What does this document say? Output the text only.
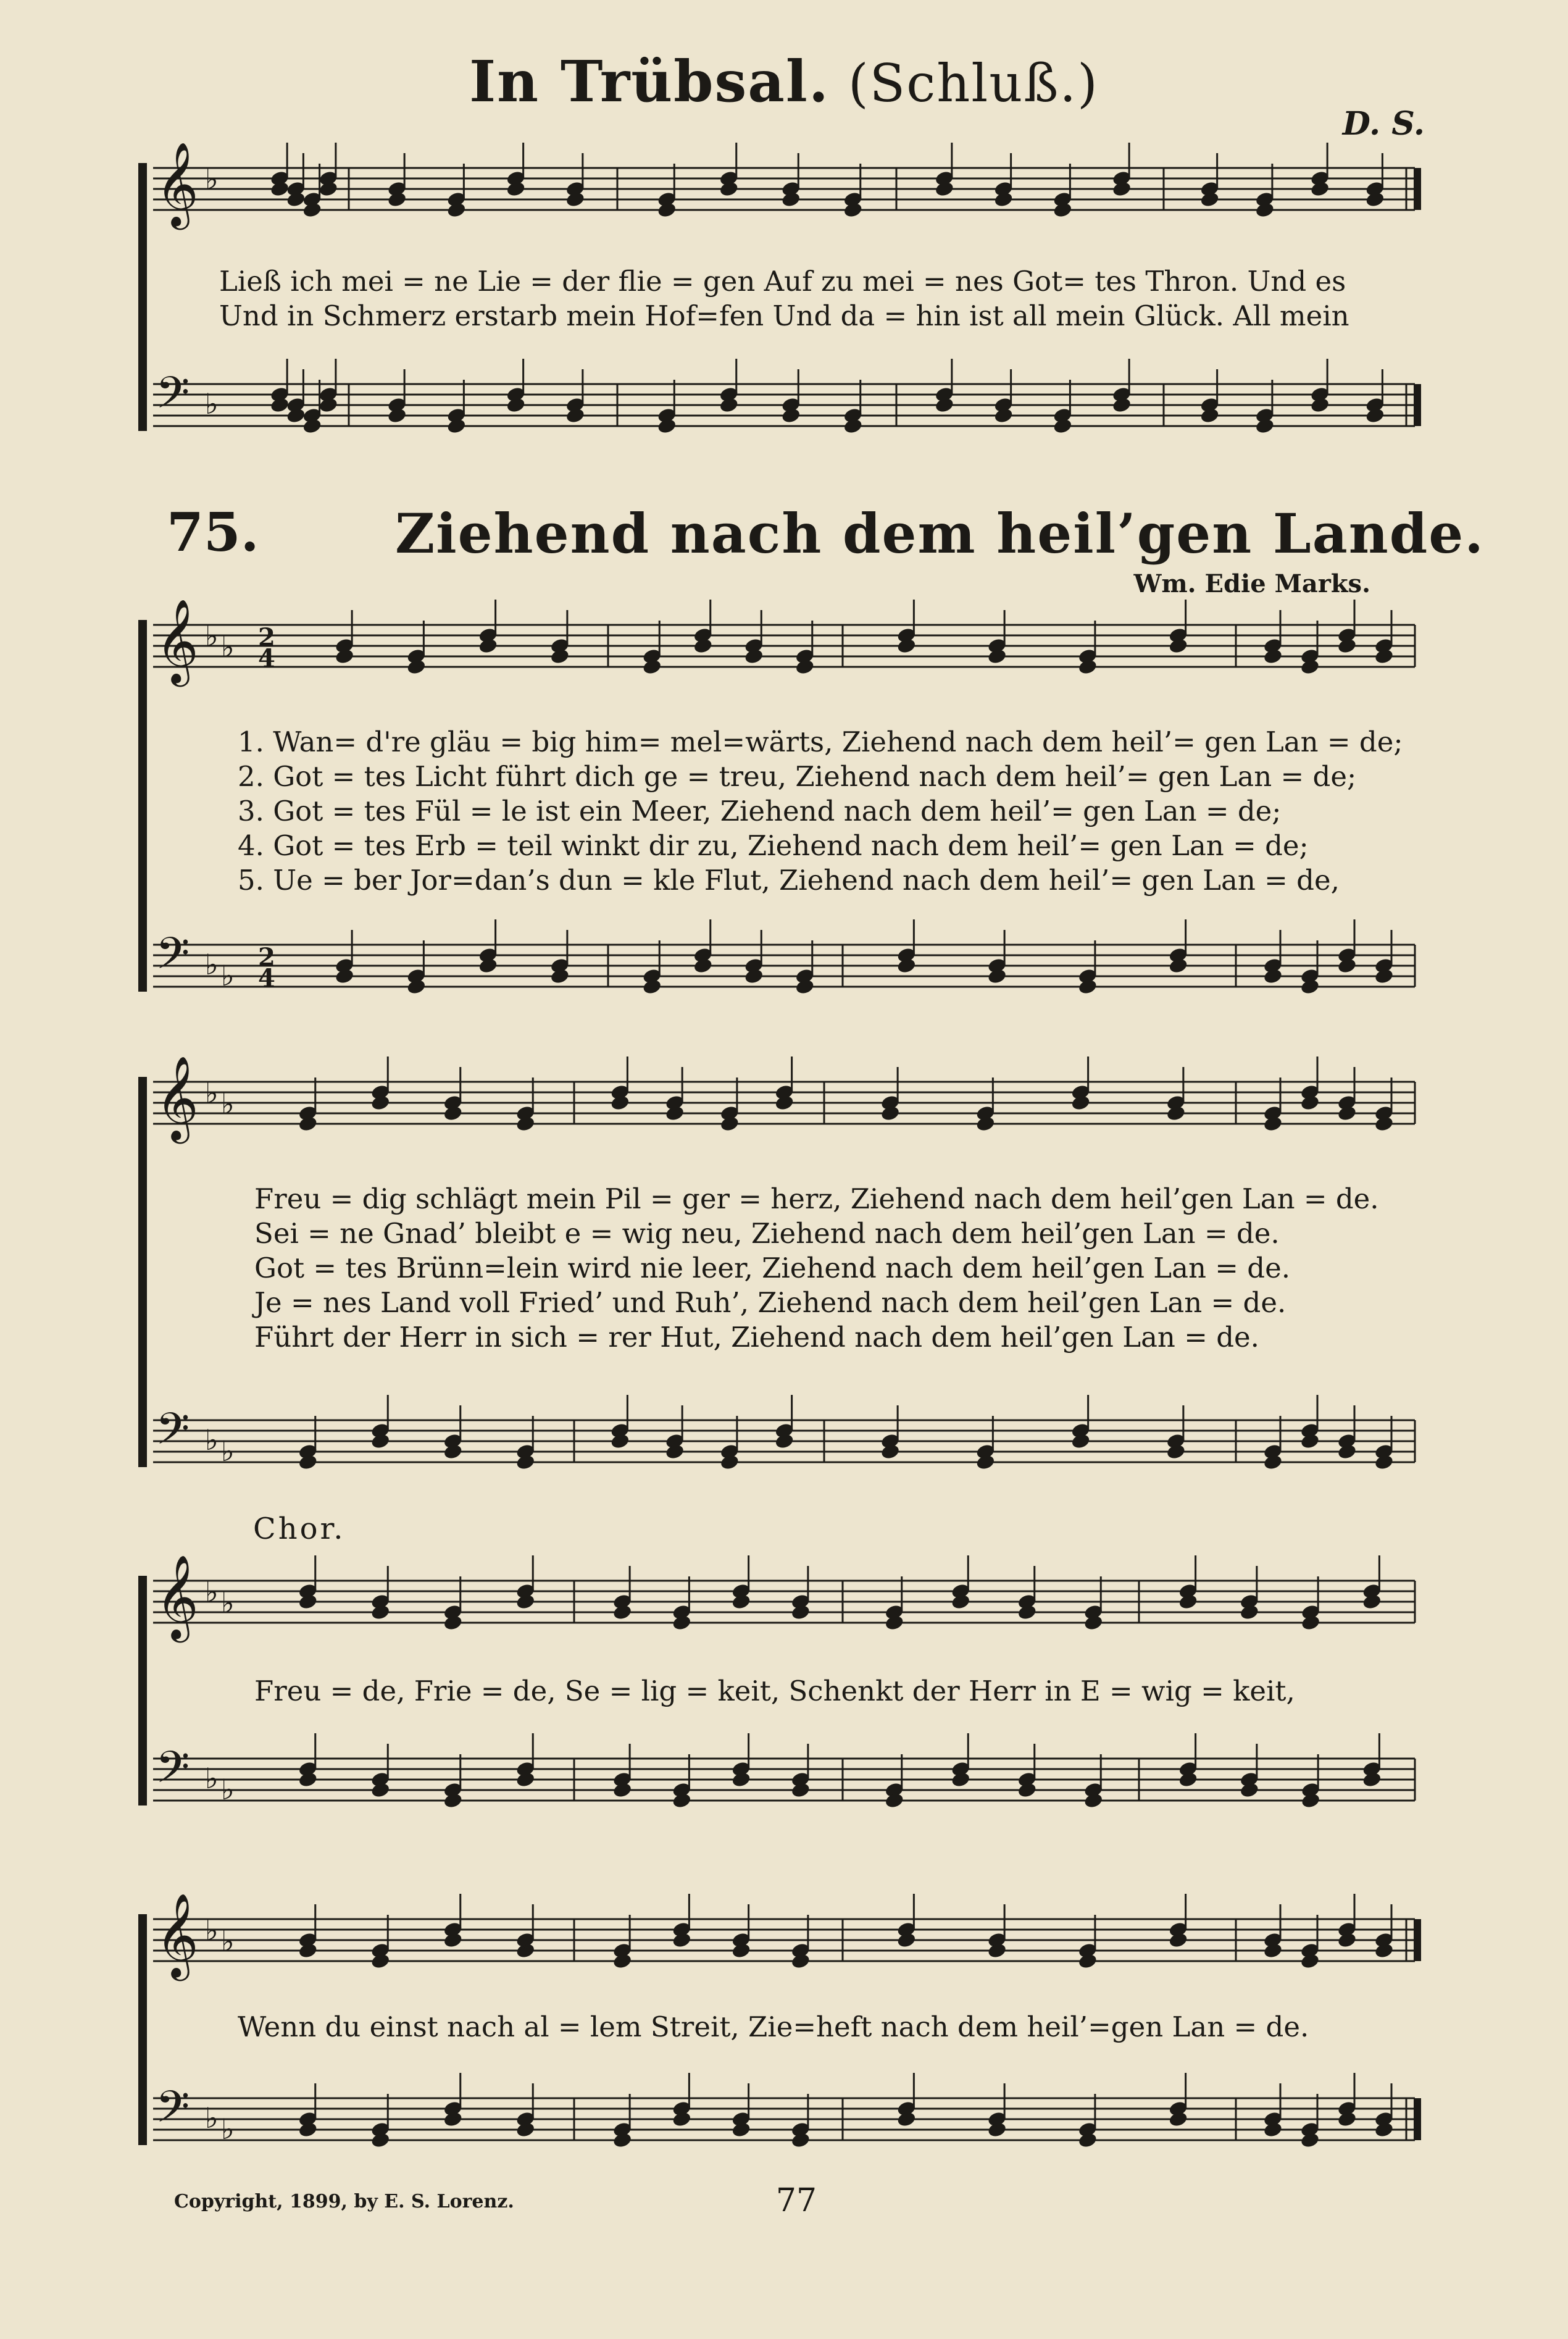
𝄞 ♭
𝄢 ♭
𝄞 ♭ ♭ 2
4
𝄢 ♭ ♭
2
4
𝄞 ♭ ♭
𝄢 ♭ ♭
𝄞 ♭ ♭
𝄢 ♭ ♭
𝄞 ♭ ♭
𝄢 ♭ ♭
In Trübsal. (Schluß.)
D. S.
Ließ ich mei = ne Lie = der flie = gen Auf zu mei = nes Got= tes Thron. Und es
Und in Schmerz erstarb mein Hof=fen Und da = hin ist all mein Glück. All mein
75.	Ziehend nach dem heil’gen Lande.
Wm. Edie Marks.
1. Wan= d're gläu = big him= mel=wärts, Ziehend nach dem heil’= gen Lan = de;
2. Got = tes Licht führt dich ge = treu, Ziehend nach dem heil’= gen Lan = de;
3. Got = tes Fül = le ist ein Meer, Ziehend nach dem heil’= gen Lan = de;
4. Got = tes Erb = teil winkt dir zu, Ziehend nach dem heil’= gen Lan = de;
5. Ue = ber Jor=dan’s dun = kle Flut, Ziehend nach dem heil’= gen Lan = de,
Freu = dig schlägt mein Pil = ger = herz, Ziehend nach dem heil’gen Lan = de.
Sei = ne Gnad’ bleibt e = wig neu, Ziehend nach dem heil’gen Lan = de.
Got = tes Brünn=lein wird nie leer, Ziehend nach dem heil’gen Lan = de.
Je = nes Land voll Fried’ und Ruh’, Ziehend nach dem heil’gen Lan = de.
Führt der Herr in sich = rer Hut, Ziehend nach dem heil’gen Lan = de.
Chor.
Freu = de, Frie = de, Se = lig = keit, Schenkt der Herr in E = wig = keit,
Wenn du einst nach al = lem Streit, Zie=heft nach dem heil’=gen Lan = de.
Copyright, 1899, by E. S. Lorenz.	77
